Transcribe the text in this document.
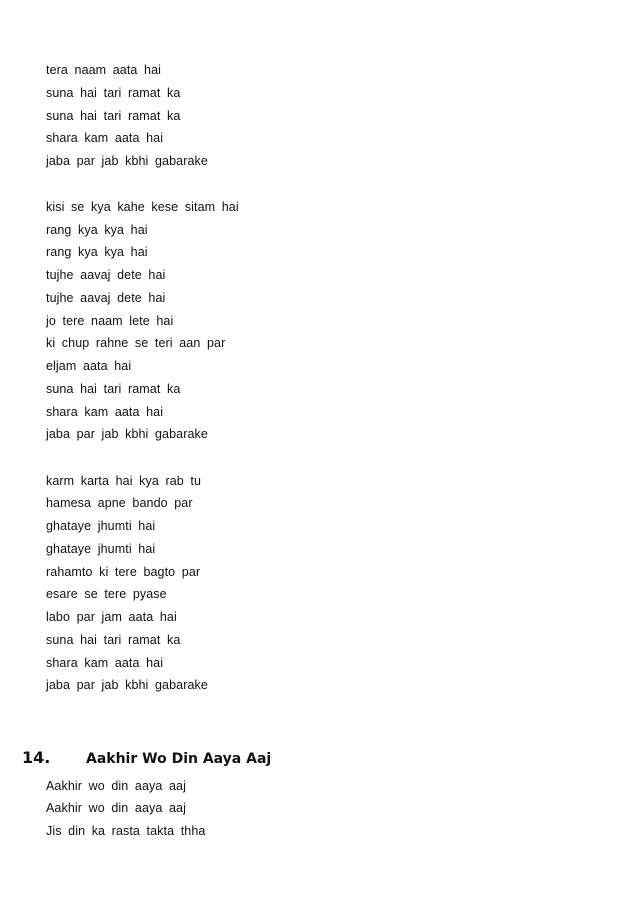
tera naam aata hai
suna hai tari ramat ka
suna hai tari ramat ka
shara kam aata hai
jaba par jab kbhi gabarake
kisi se kya kahe kese sitam hai
rang kya kya hai
rang kya kya hai
tujhe aavaj dete hai
tujhe aavaj dete hai
jo tere naam lete hai
ki chup rahne se teri aan par
eljam aata hai
suna hai tari ramat ka
shara kam aata hai
jaba par jab kbhi gabarake
karm karta hai kya rab tu
hamesa apne bando par
ghataye jhumti hai
ghataye jhumti hai
rahamto ki tere bagto par
esare se tere pyase
labo par jam aata hai
suna hai tari ramat ka
shara kam aata hai
jaba par jab kbhi gabarake
14.	Aakhir Wo Din Aaya Aaj
Aakhir wo din aaya aaj
Aakhir wo din aaya aaj
Jis din ka rasta takta thha
